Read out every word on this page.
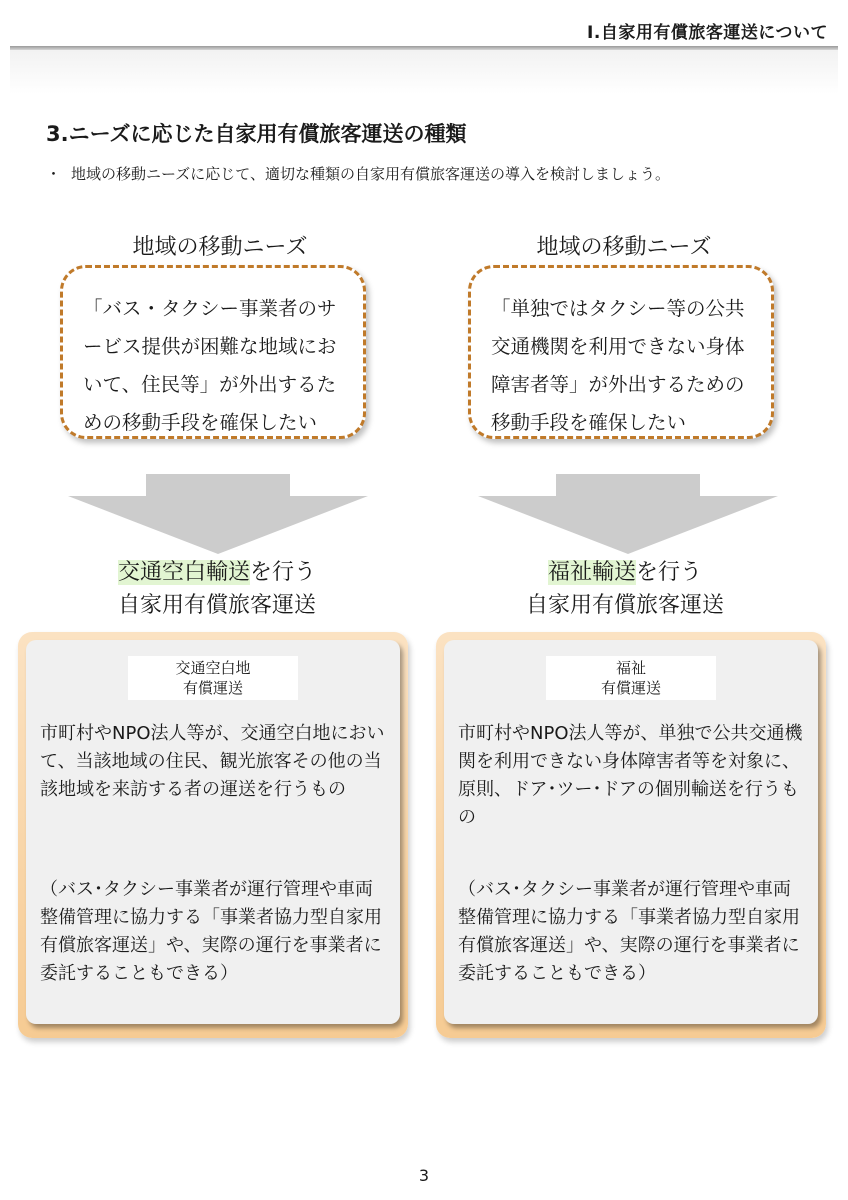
Ⅰ.自家用有償旅客運送について
3.ニーズに応じた自家用有償旅客運送の種類
・ 地域の移動ニーズに応じて、適切な種類の自家用有償旅客運送の導入を検討しましょう。
地域の移動ニーズ
「バス・タクシー事業者のサービス提供が困難な地域において、住民等」が外出するための移動手段を確保したい
交通空白輸送を行う
自家用有償旅客運送
交通空白地
有償運送
市町村やNPO法人等が、交通空白地において、当該地域の住民、観光旅客その他の当該地域を来訪する者の運送を行うもの
（バス･タクシー事業者が運行管理や車両整備管理に協力する「事業者協力型自家用有償旅客運送」や、実際の運行を事業者に委託することもできる）
地域の移動ニーズ
「単独ではタクシー等の公共交通機関を利用できない身体障害者等」が外出するための移動手段を確保したい
福祉輸送を行う
自家用有償旅客運送
福祉
有償運送
市町村やNPO法人等が、単独で公共交通機関を利用できない身体障害者等を対象に、原則、ドア･ツー･ドアの個別輸送を行うもの
（バス･タクシー事業者が運行管理や車両整備管理に協力する「事業者協力型自家用有償旅客運送」や、実際の運行を事業者に委託することもできる）
3
